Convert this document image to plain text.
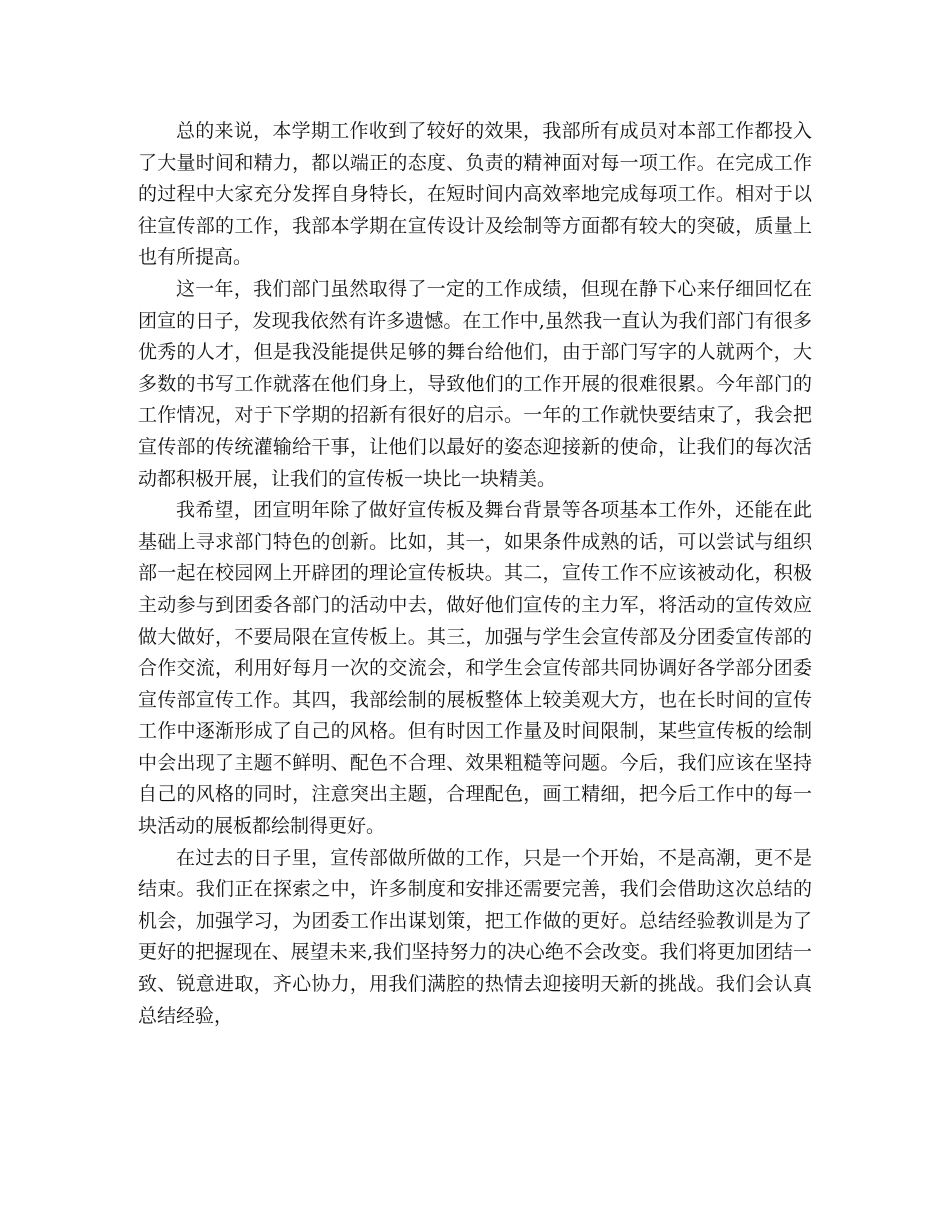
总的来说，本学期工作收到了较好的效果，我部所有成员对本部工作都投入了大量时间和精力，都以端正的态度、负责的精神面对每一项工作。在完成工作的过程中大家充分发挥自身特长，在短时间内高效率地完成每项工作。相对于以往宣传部的工作，我部本学期在宣传设计及绘制等方面都有较大的突破，质量上也有所提高。

这一年，我们部门虽然取得了一定的工作成绩，但现在静下心来仔细回忆在团宣的日子，发现我依然有许多遗憾。在工作中,虽然我一直认为我们部门有很多优秀的人才，但是我没能提供足够的舞台给他们，由于部门写字的人就两个，大多数的书写工作就落在他们身上，导致他们的工作开展的很难很累。今年部门的工作情况，对于下学期的招新有很好的启示。一年的工作就快要结束了，我会把宣传部的传统灌输给干事，让他们以最好的姿态迎接新的使命，让我们的每次活动都积极开展，让我们的宣传板一块比一块精美。

我希望，团宣明年除了做好宣传板及舞台背景等各项基本工作外，还能在此基础上寻求部门特色的创新。比如，其一，如果条件成熟的话，可以尝试与组织部一起在校园网上开辟团的理论宣传板块。其二，宣传工作不应该被动化，积极主动参与到团委各部门的活动中去，做好他们宣传的主力军，将活动的宣传效应做大做好，不要局限在宣传板上。其三，加强与学生会宣传部及分团委宣传部的合作交流，利用好每月一次的交流会，和学生会宣传部共同协调好各学部分团委宣传部宣传工作。其四，我部绘制的展板整体上较美观大方，也在长时间的宣传工作中逐渐形成了自己的风格。但有时因工作量及时间限制，某些宣传板的绘制中会出现了主题不鲜明、配色不合理、效果粗糙等问题。今后，我们应该在坚持自己的风格的同时，注意突出主题，合理配色，画工精细，把今后工作中的每一块活动的展板都绘制得更好。

在过去的日子里，宣传部做所做的工作，只是一个开始，不是高潮，更不是结束。我们正在探索之中，许多制度和安排还需要完善，我们会借助这次总结的机会，加强学习，为团委工作出谋划策，把工作做的更好。总结经验教训是为了更好的把握现在、展望未来,我们坚持努力的决心绝不会改变。我们将更加团结一致、锐意进取，齐心协力，用我们满腔的热情去迎接明天新的挑战。我们会认真总结经验，
